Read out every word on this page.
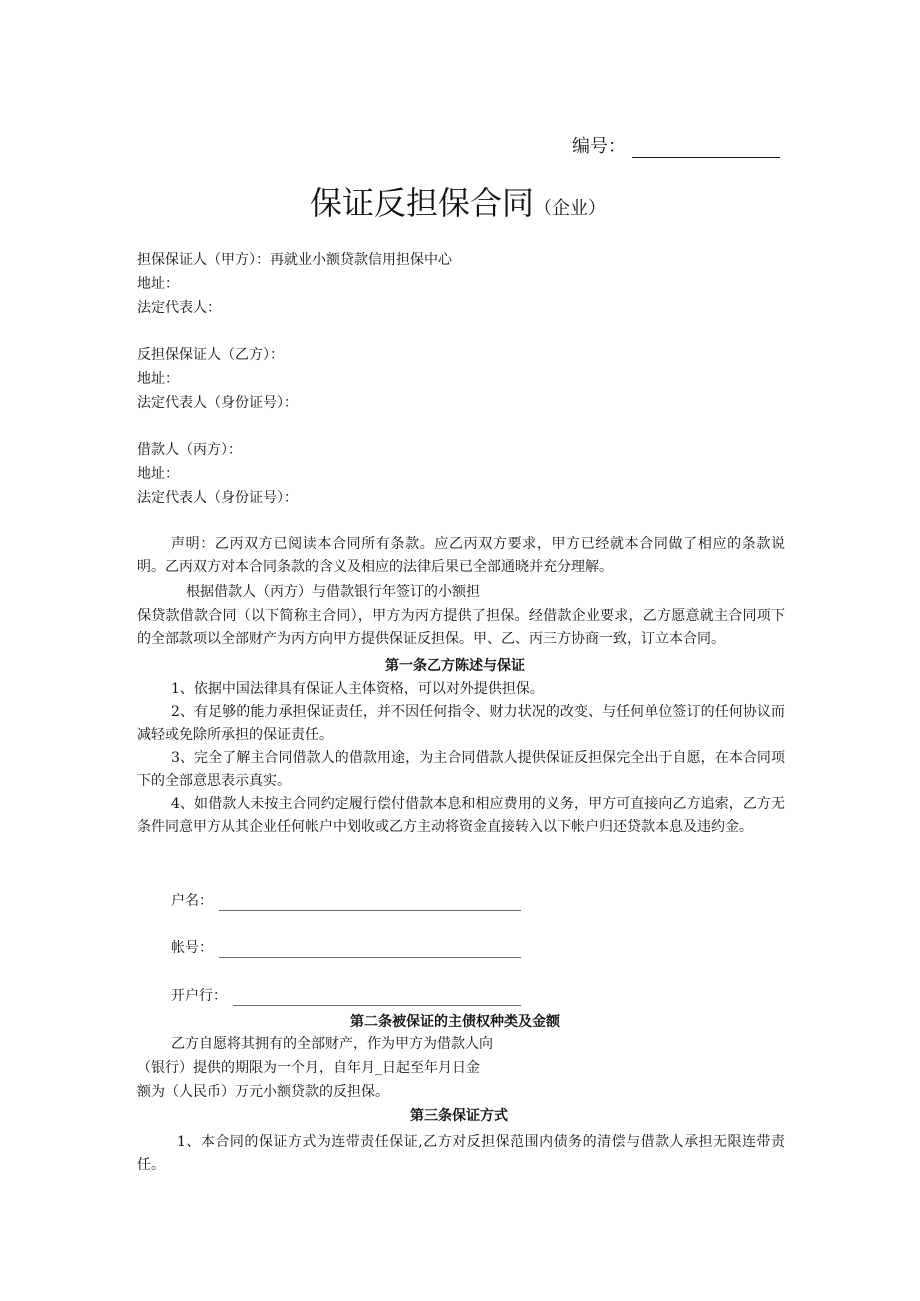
编号：
保证反担保合同（企业）
担保保证人（甲方）：再就业小额贷款信用担保中心
地址：
法定代表人：
反担保保证人（乙方）：
地址：
法定代表人（身份证号）：
借款人（丙方）：
地址：
法定代表人（身份证号）：
声明：乙丙双方已阅读本合同所有条款。应乙丙双方要求，甲方已经就本合同做了相应的条款说明。乙丙双方对本合同条款的含义及相应的法律后果已全部通晓并充分理解。
根据借款人（丙方）与借款银行年签订的小额担
保贷款借款合同（以下简称主合同），甲方为丙方提供了担保。经借款企业要求，乙方愿意就主合同项下的全部款项以全部财产为丙方向甲方提供保证反担保。甲、乙、丙三方协商一致，订立本合同。
第一条乙方陈述与保证
1、依据中国法律具有保证人主体资格，可以对外提供担保。
2、有足够的能力承担保证责任，并不因任何指令、财力状况的改变、与任何单位签订的任何协议而减轻或免除所承担的保证责任。
3、完全了解主合同借款人的借款用途，为主合同借款人提供保证反担保完全出于自愿，在本合同项下的全部意思表示真实。
4、如借款人未按主合同约定履行偿付借款本息和相应费用的义务，甲方可直接向乙方追索，乙方无条件同意甲方从其企业任何帐户中划收或乙方主动将资金直接转入以下帐户归还贷款本息及违约金。
户名：
帐号：
开户行：
第二条被保证的主债权种类及金额
乙方自愿将其拥有的全部财产，作为甲方为借款人向
（银行）提供的期限为一个月，自年月_日起至年月日金
额为（人民币）万元小额贷款的反担保。
第三条保证方式
1、本合同的保证方式为连带责任保证,乙方对反担保范围内债务的清偿与借款人承担无限连带责任。
